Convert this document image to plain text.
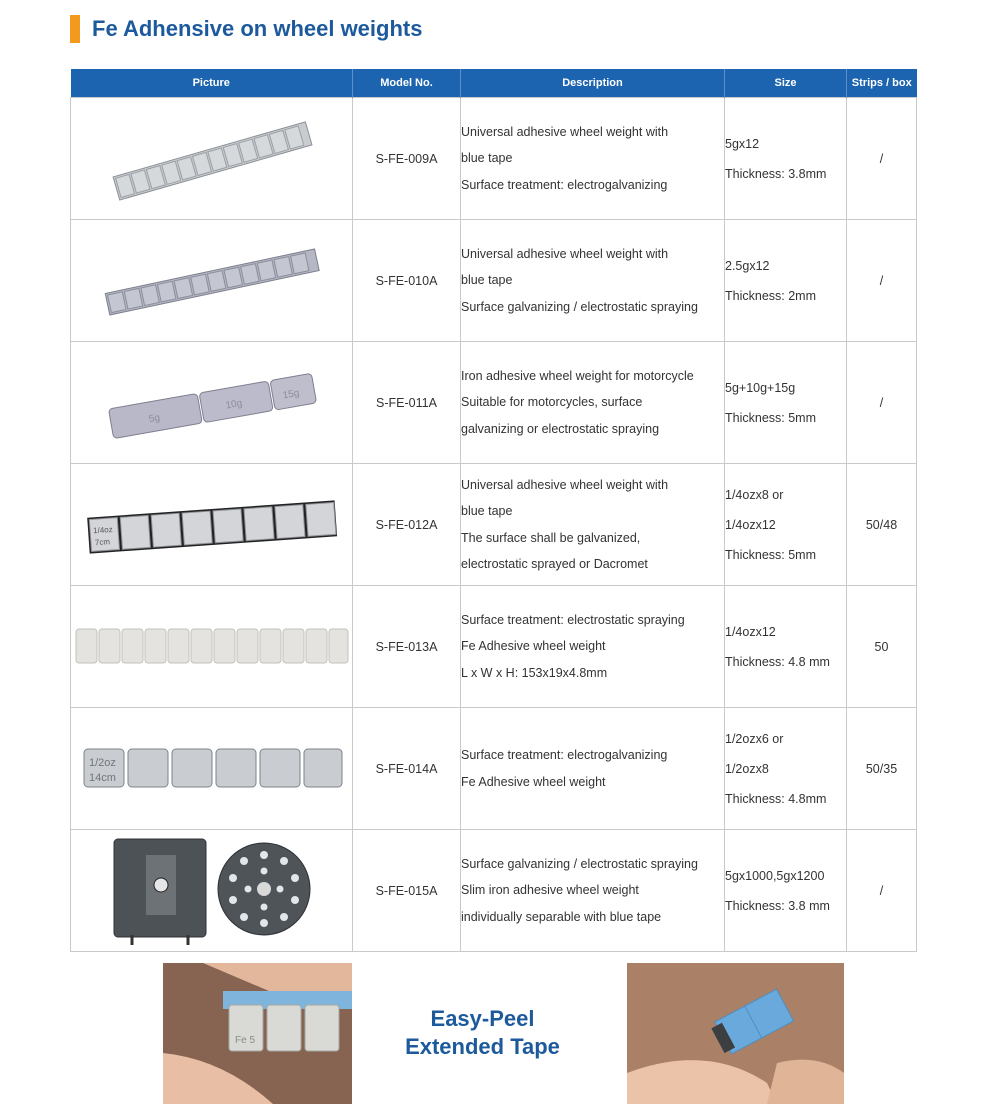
Fe Adhensive on wheel weights
Picture	Model No.	Description	Size	Strips / box

	S-FE-009A	Universal adhesive wheel weight with
blue tape
Surface treatment: electrogalvanizing	5gx12
Thickness: 3.8mm	/

	S-FE-010A	Universal adhesive wheel weight with
blue tape
Surface galvanizing / electrostatic spraying	2.5gx12
Thickness: 2mm	/

5g
10g
15g	S-FE-011A	Iron adhesive wheel weight for motorcycle
Suitable for motorcycles, surface
galvanizing or electrostatic spraying	5g+10g+15g
Thickness: 5mm	/

1/4oz
7cm	S-FE-012A	Universal adhesive wheel weight with
blue tape
The surface shall be galvanized,
electrostatic sprayed or Dacromet	1/4ozx8 or
1/4ozx12
Thickness: 5mm	50/48

	S-FE-013A	Surface treatment: electrostatic spraying
Fe Adhesive wheel weight
L x W x H: 153x19x4.8mm	1/4ozx12
Thickness: 4.8 mm	50

1/2oz
14cm	S-FE-014A	Surface treatment: electrogalvanizing
Fe Adhesive wheel weight	1/2ozx6 or
1/2ozx8
Thickness: 4.8mm	50/35

	S-FE-015A	Surface galvanizing / electrostatic spraying
Slim iron adhesive wheel weight
individually separable with blue tape	5gx1000,5gx1200
Thickness: 3.8 mm	/
Fe 5
Easy-Peel
Extended Tape
